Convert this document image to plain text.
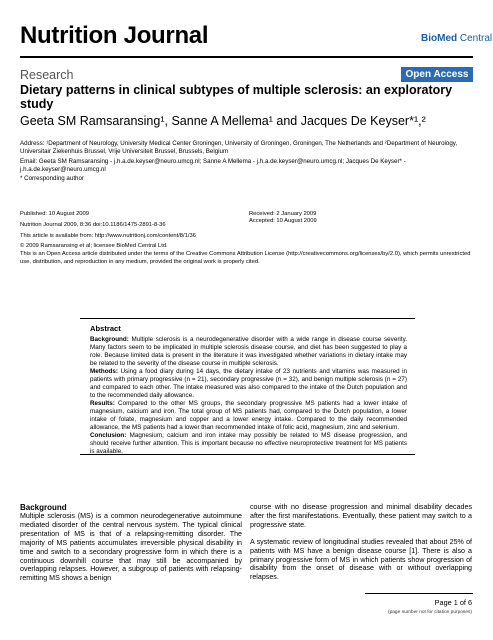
Nutrition Journal	BioMed Central
Research	Open Access
Dietary patterns in clinical subtypes of multiple sclerosis: an exploratory study
Geeta SM Ramsaransing¹, Sanne A Mellema¹ and Jacques De Keyser*¹,²
Address: ¹Department of Neurology, University Medical Center Groningen, University of Groningen, Groningen, The Netherlands and ²Department of Neurology, Universitair Ziekenhuis Brussel, Vrije Universiteit Brussel, Brussels, Belgium
Email: Geeta SM Ramsaransing - j.h.a.de.keyser@neuro.umcg.nl; Sanne A Mellema - j.h.a.de.keyser@neuro.umcg.nl; Jacques De Keyser* - j.h.a.de.keyser@neuro.umcg.nl
* Corresponding author
Published: 10 August 2009
Nutrition Journal 2009, 8:36 doi:10.1186/1475-2891-8-36
Received: 2 January 2009
Accepted: 10 August 2009
This article is available from: http://www.nutritionj.com/content/8/1/36
© 2009 Ramsaransing et al; licensee BioMed Central Ltd.
This is an Open Access article distributed under the terms of the Creative Commons Attribution License (http://creativecommons.org/licenses/by/2.0), which permits unrestricted use, distribution, and reproduction in any medium, provided the original work is properly cited.
Abstract
Background: Multiple sclerosis is a neurodegenerative disorder with a wide range in disease course severity. Many factors seem to be implicated in multiple sclerosis disease course, and diet has been suggested to play a role. Because limited data is present in the literature it was investigated whether variations in dietary intake may be related to the severity of the disease course in multiple sclerosis.
Methods: Using a food diary during 14 days, the dietary intake of 23 nutrients and vitamins was measured in patients with primary progressive (n = 21), secondary progressive (n = 32), and benign multiple sclerosis (n = 27) and compared to each other. The intake measured was also compared to the intake of the Dutch population and to the recommended daily allowance.
Results: Compared to the other MS groups, the secondary progressive MS patients had a lower intake of magnesium, calcium and iron. The total group of MS patients had, compared to the Dutch population, a lower intake of folate, magnesium and copper and a lower energy intake. Compared to the daily recommended allowance, the MS patients had a lower than recommended intake of folic acid, magnesium, zinc and selenium.
Conclusion: Magnesium, calcium and iron intake may possibly be related to MS disease progression, and should receive further attention. This is important because no effective neuroprotective treatment for MS patients is available.
Background

Multiple sclerosis (MS) is a common neurodegenerative autoimmune mediated disorder of the central nervous system. The typical clinical presentation of MS is that of a relapsing-remitting disorder. The majority of MS patients accumulates irreversible physical disability in time and switch to a secondary progressive form in which there is a continuous downhill course that may still be accompanied by overlapping relapses. However, a subgroup of patients with relapsing-remitting MS shows a benign

course with no disease progression and minimal disability decades after the first manifestations. Eventually, these patient may switch to a progressive state.

A systematic review of longitudinal studies revealed that about 25% of patients with MS have a benign disease course [1]. There is also a primary progressive form of MS in which patients show progression of disability from the onset of disease with or without overlapping relapses.

Page 1 of 6
(page number not for citation purposes)
